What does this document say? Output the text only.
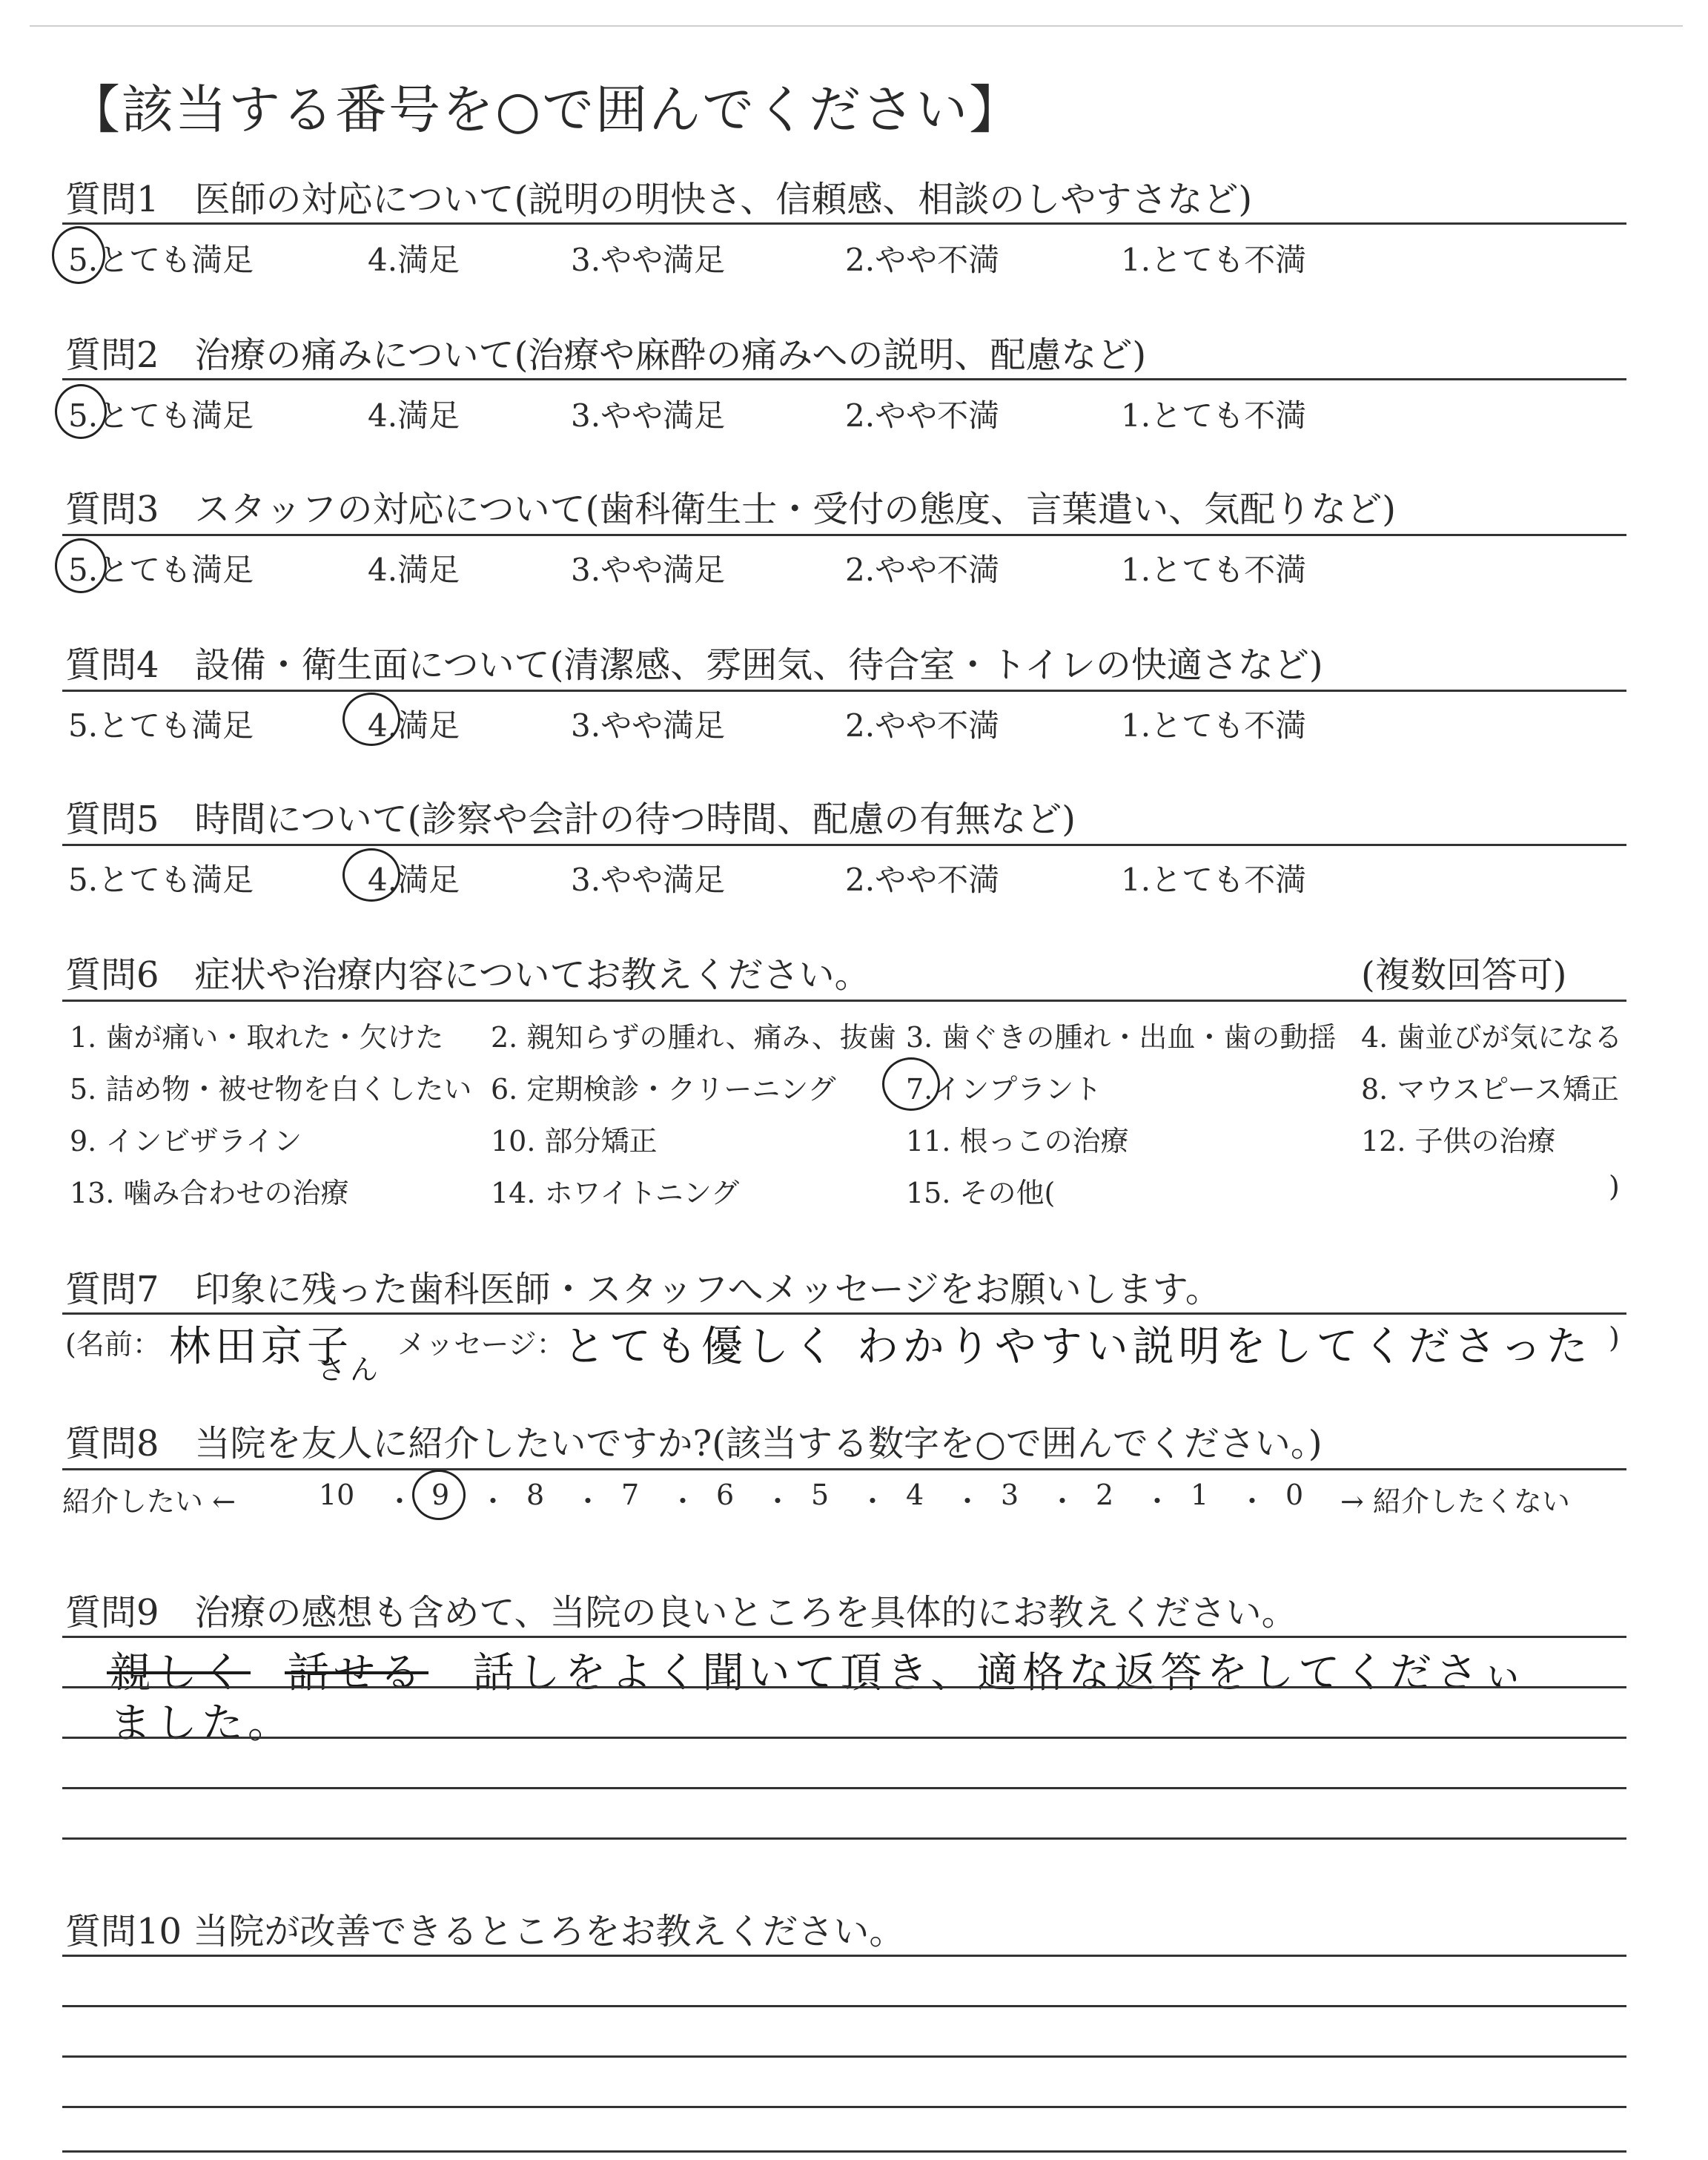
【該当する番号を○で囲んでください】
質問1　医師の対応について(説明の明快さ、信頼感、相談のしやすさなど)
5.とても満足	4.満足	3.やや満足	2.やや不満	1.とても不満
質問2　治療の痛みについて(治療や麻酔の痛みへの説明、配慮など)
5.とても満足	4.満足	3.やや満足	2.やや不満	1.とても不満
質問3　スタッフの対応について(歯科衛生士・受付の態度、言葉遣い、気配りなど)
5.とても満足	4.満足	3.やや満足	2.やや不満	1.とても不満
質問4　設備・衛生面について(清潔感、雰囲気、待合室・トイレの快適さなど)
5.とても満足	4.満足	3.やや満足	2.やや不満	1.とても不満
質問5　時間について(診察や会計の待つ時間、配慮の有無など)
5.とても満足	4.満足	3.やや満足	2.やや不満	1.とても不満
質問6　症状や治療内容についてお教えください。	(複数回答可)
1. 歯が痛い・取れた・欠けた 2. 親知らずの腫れ、痛み、抜歯 3. 歯ぐきの腫れ・出血・歯の動揺 4. 歯並びが気になる
5. 詰め物・被せ物を白くしたい 6. 定期検診・クリーニング 7.インプラント	8. マウスピース矯正
9. インビザライン	10. 部分矯正	11. 根っこの治療	12. 子供の治療
13. 噛み合わせの治療	14. ホワイトニング	15. その他(	)
質問7　印象に残った歯科医師・スタッフへメッセージをお願いします。
(名前： 林田京子
さん
メッセージ：
とても優しく わかりやすい説明をしてくださった )
質問8　当院を友人に紹介したいですか?(該当する数字を○で囲んでください。)
紹介したい ←	10 ・ 9 ・ 8 ・ 7 ・ 6 ・ 5 ・ 4 ・ 3 ・ 2 ・ 1 ・ 0 → 紹介したくない
質問9　治療の感想も含めて、当院の良いところを具体的にお教えください。
親しく 話せる 話しをよく聞いて頂き、適格な返答をしてくださぃ
ました。
質問10 当院が改善できるところをお教えください。
